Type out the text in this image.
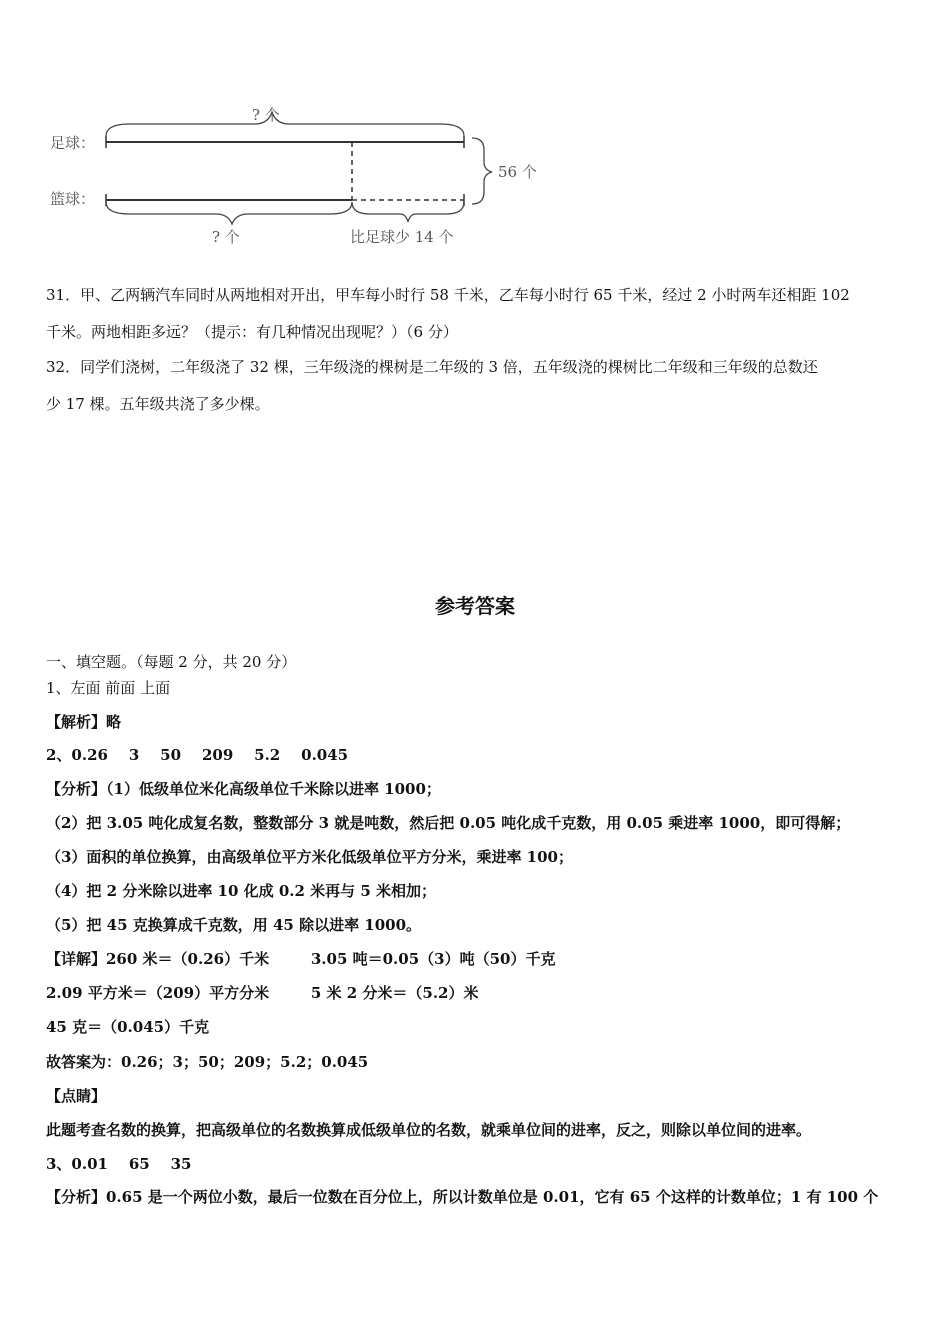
足球：
篮球：
? 个
56 个
? 个	比足球少 14 个
31．甲、乙两辆汽车同时从两地相对开出，甲车每小时行 58 千米，乙车每小时行 65 千米，经过 2 小时两车还相距 102
千米。两地相距多远？（提示：有几种情况出现呢？）（6 分）
32．同学们浇树，二年级浇了 32 棵，三年级浇的棵树是二年级的 3 倍，五年级浇的棵树比二年级和三年级的总数还
少 17 棵。五年级共浇了多少棵。
参考答案
一、填空题。（每题 2 分，共 20 分）
1、左面 前面 上面
【解析】略
2、0.26    3    50    209    5.2    0.045
【分析】（1）低级单位米化高级单位千米除以进率 1000；
（2）把 3.05 吨化成复名数，整数部分 3 就是吨数，然后把 0.05 吨化成千克数，用 0.05 乘进率 1000，即可得解；
（3）面积的单位换算，由高级单位平方米化低级单位平方分米，乘进率 100；
（4）把 2 分米除以进率 10 化成 0.2 米再与 5 米相加；
（5）把 45 克换算成千克数，用 45 除以进率 1000。
【详解】260 米＝（0.26）千米        3.05 吨＝0.05（3）吨（50）千克
2.09 平方米＝（209）平方分米        5 米 2 分米＝（5.2）米
45 克＝（0.045）千克
故答案为：0.26；3；50；209；5.2；0.045
【点睛】
此题考查名数的换算，把高级单位的名数换算成低级单位的名数，就乘单位间的进率，反之，则除以单位间的进率。
3、0.01    65    35
【分析】0.65 是一个两位小数，最后一位数在百分位上，所以计数单位是 0.01，它有 65 个这样的计数单位；1 有 100 个
